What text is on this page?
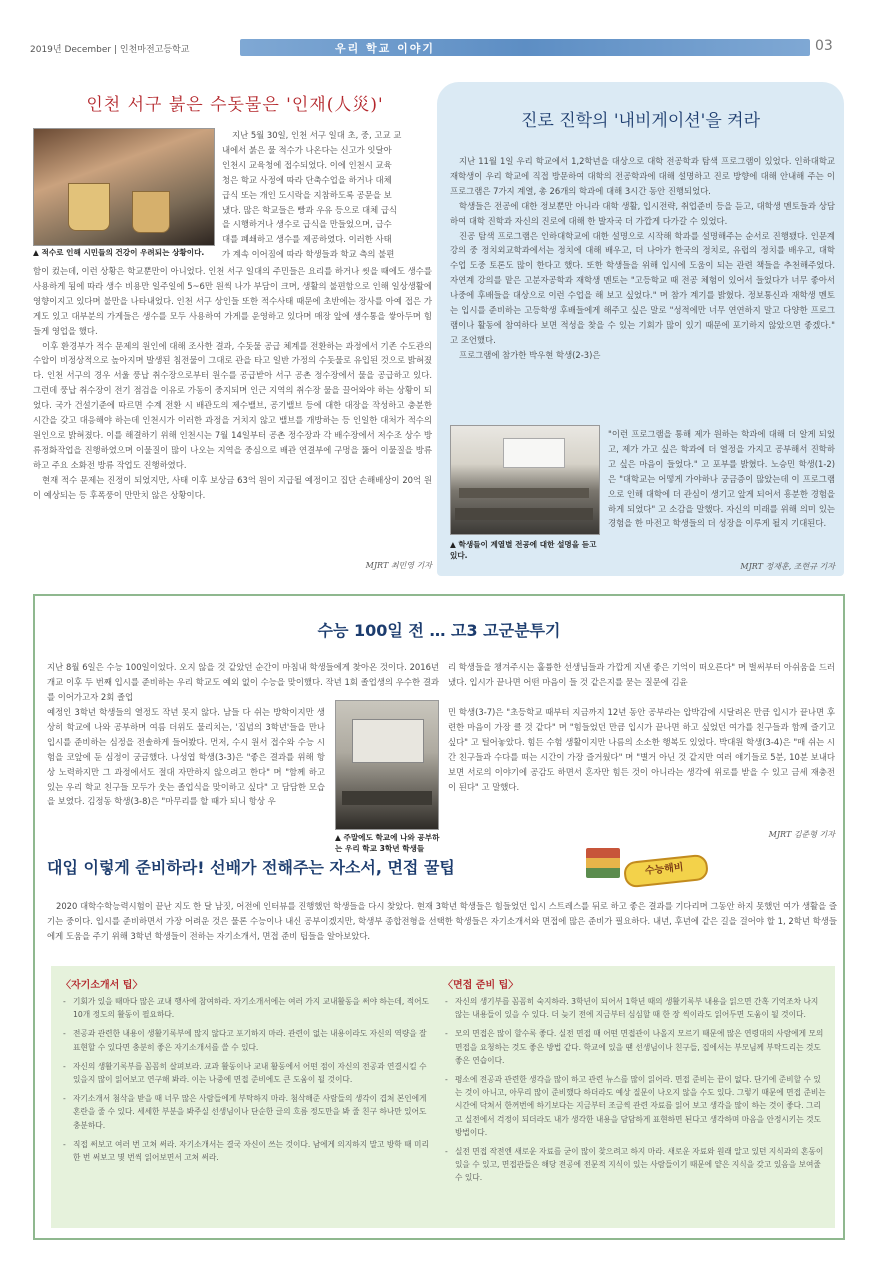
2019년 December | 인천마전고등학교	우리 학교 이야기	03
인천 서구 붉은 수돗물은 '인재(人災)'
▲ 적수로 인해 시민들의 건강이 우려되는 상황이다.
지난 5월 30일, 인천 서구 일대 초, 중, 고교 교
내에서 붉은 물 적수가 나온다는 신고가 잇달아
인천시 교육청에 접수되었다. 이에 인천시 교육
청은 학교 사정에 따라 단축수업을 하거나 대체
급식 또는 개인 도시락을 지참하도록 공문을 보
냈다. 많은 학교들은 빵과 우유 등으로 대체 급식
을 시행하거나 생수로 급식을 만들었으며, 급수
대를 폐쇄하고 생수를 제공하였다. 이러한 사태
가 계속 이어짐에 따라 학생들과 학교 측의 불편
함이 컸는데, 이런 상황은 학교뿐만이 아니었다. 인천 서구 일대의 주민들은 요리를 하거나 씻을 때에도 생수를 사용하게 됨에 따라 생수 비용만 일주일에 5~6만 원씩 나가 부담이 크며, 생활의 불편함으로 인해 일상생활에 영향이지고 있다며 불만을 나타내었다. 인천 서구 상인들 또한 적수사태 때문에 초반에는 장사를 아예 접은 가게도 있고 대부분의 가게들은 생수를 모두 사용하여 가게를 운영하고 있다며 매장 앞에 생수통을 쌓아두며 힘들게 영업을 했다.

이후 환경부가 적수 문제의 원인에 대해 조사한 결과, 수돗물 공급 체계를 전환하는 과정에서 기존 수도관의 수압이 비정상적으로 높아지며 발생된 침전물이 그대로 관을 타고 일반 가정의 수돗물로 유입된 것으로 밝혀졌다. 인천 서구의 경우 서울 풍납 취수장으로부터 원수를 공급받아 서구 공촌 정수장에서 물을 공급하고 있다. 그런데 풍납 취수장이 전기 점검을 이유로 가동이 중지되며 인근 지역의 취수장 물을 끌어와야 하는 상황이 되었다. 국가 건설기준에 따르면 수계 전환 시 배관도의 제수밸브, 공기밸브 등에 대한 대장을 작성하고 충분한 시간을 갖고 대응해야 하는데 인천시가 이러한 과정을 거치지 않고 밸브를 개방하는 등 인일한 대처가 적수의 원인으로 밝혀졌다. 이를 해결하기 위해 인천시는 7월 14일부터 공촌 정수장과 각 배수장에서 저수조 상수 방류정화작업을 진행하였으며 이물질이 많이 나오는 지역을 중심으로 배관 연결부에 구멍을 뚫어 이물질을 방류하고 주요 소화전 방류 작업도 진행하였다.

현재 적수 문제는 진정이 되었지만, 사태 이후 보상금 63억 원이 지급될 예정이고 집단 손해배상이 20억 원이 예상되는 등 후폭풍이 만만치 않은 상황이다.

MJRT 최민영 기자
진로 진학의 '내비게이션'을 켜라

지난 11월 1일 우리 학교에서 1,2학년을 대상으로 대학 전공학과 탐색 프로그램이 있었다. 인하대학교 재학생이 우리 학교에 직접 방문하여 대학의 전공학과에 대해 설명하고 진로 방향에 대해 안내해 주는 이 프로그램은 7가지 계열, 총 26개의 학과에 대해 3시간 동안 진행되었다.

학생들은 전공에 대한 정보뿐만 아니라 대학 생활, 입시전략, 취업준비 등을 듣고, 대학생 멘토들과 상담하여 대학 진학과 자신의 진로에 대해 한 발자국 더 가깝게 다가갈 수 있었다.

진공 탐색 프로그램은 인하대학교에 대한 설명으로 시작해 학과를 설명해주는 순서로 진행됐다. 인문계 강의 중 정치외교학과에서는 정치에 대해 배우고, 더 나아가 한국의 정치로, 유럽의 정치를 배우고, 대학 수업 도중 토론도 많이 한다고 했다. 또한 학생들을 위해 입시에 도움이 되는 관련 책들을 추천해주었다. 자연계 강의를 맡은 고분자공학과 재학생 멘토는 "고등학교 때 전공 체험이 있어서 들었다가 너무 좋아서 나중에 후배들을 대상으로 이런 수업을 해 보고 싶었다." 며 참가 계기를 밝혔다. 정보통신과 재학생 멘토는 입시를 준비하는 고등학생 후배들에게 해주고 싶은 말로 "성적에만 너무 연연하지 말고 다양한 프로그램이나 활동에 참여하다 보면 적성을 찾을 수 있는 기회가 많이 있기 때문에 포기하지 않았으면 좋겠다." 고 조언했다.

프로그램에 참가한 박우현 학생(2-3)은

▲ 학생들이 계열별 전공에 대한 설명을 듣고 있다.
"이런 프로그램을 통해 제가 원하는 학과에 대해 더 알게 되었고, 제가 가고 싶은 학과에 더 열정을 가지고 공부해서 진학하고 싶은 마음이 들었다." 고 포부를 밝혔다. 노승민 학생(1-2)은 "대학교는 어떻게 가야하나 궁금증이 많았는데 이 프로그램으로 인해 대학에 더 관심이 생기고 앞게 되어서 흥분한 경험을 하게 되었다" 고 소감을 말했다. 자신의 미래를 위해 의미 있는 경험을 한 마전고 학생들의 더 성장을 이루게 될지 기대된다.
MJRT 정재훈, 조현규 기자
수능 100일 전 … 고3 고군분투기
지난 8월 6일은 수능 100일이었다. 오지 않을 것 같았던 순간이 마침내 학생들에게 찾아온 것이다. 2016년 개교 이후 두 번째 입시를 준비하는 우리 학교도 예외 없이 수능을 맞이했다. 작년 1회 졸업생의 우수한 결과를 이어가고자 2회 졸업
예정인 3학년 학생들의 열정도 작년 못지 않다. 남들 다 쉬는 방학이지만 생상히 학교에 나와 공부하며 여름 더위도 물리치는, '집념의 3학년'들을 만나 입시를 준비하는 심정을 전솔하게 들어봤다. 먼저, 수시 원서 접수와 수능 시험을 코앞에 둔 심정이 궁금했다. 나성엽 학생(3-3)은 "좋은 결과를 위해 항상 노력하지만 그 과정에서도 절대 자만하지 않으려고 한다" 며 "함께 하고 있는 우리 학교 친구들 모두가 웃는 졸업식을 맞이하고 싶다" 고 담담한 모습을 보였다. 김정동 학생(3-8)은 "마무리를 할 때가 되니 항상 우
▲ 주말에도 학교에 나와 공부하는 우리 학교 3학년 학생들
리 학생들을 챙겨주시는 훌륭한 선생님들과 가깝게 지낸 좋은 기억이 떠오른다" 며 벌써부터 아쉬움을 드러냈다. 입시가 끝나면 어떤 마음이 들 것 같은지를 묻는 질문에 김윤
민 학생(3-7)은 "초등학교 때부터 지금까지 12년 동안 공부라는 압박감에 시달려온 만큼 입시가 끝나면 후련한 마음이 가장 클 것 같다" 며 "힘들었던 만큼 입시가 끝나면 하고 싶었던 여가를 친구들과 함께 즐기고 싶다" 고 털어놓았다. 힘든 수험 생활이지만 나름의 소소한 행복도 있었다. 박대원 학생(3-4)은 "매 쉬는 시간 친구들과 수다를 떠는 시간이 가장 즐거웠다" 며 "별거 아닌 것 같지만 여러 얘기들로 5분, 10분 보내다 보면 서로의 이야기에 공감도 하면서 혼자만 힘든 것이 아니라는 생각에 위로를 받을 수 있고 금세 재충전이 된다" 고 말했다.
MJRT 김준형 기자
대입 이렇게 준비하라! 선배가 전해주는 자소서, 면접 꿀팁	수능해비
2020 대학수학능력시험이 끝난 지도 한 달 남짓, 어전에 인터뷰를 진행했던 학생들을 다시 찾았다. 현재 3학년 학생들은 힘들었던 입시 스트레스를 뒤로 하고 좋은 결과를 기다리며 그동안 하지 못했던 여가 생활을 즐기는 중이다. 입시를 준비하면서 가장 어려운 것은 물론 수능이나 내신 공부이겠지만, 학생부 종합전형을 선택한 학생들은 자기소개서와 면접에 많은 준비가 필요하다. 내년, 후년에 같은 길을 걸어야 할 1, 2학년 학생들에게 도움을 주기 위해 3학년 학생들이 전하는 자기소개서, 면접 준비 팁들을 알아보았다.
〈자기소개서 팁〉
- 기회가 있을 때마다 많은 교내 행사에 참여하라. 자기소개서에는 여러 가지 교내활동을 써야 하는데, 적어도 10개 정도의 활동이 필요하다.
- 전공과 관련한 내용이 생활기록부에 많지 않다고 포기하지 마라. 관련이 없는 내용이라도 자신의 역량을 잘 표현할 수 있다면 충분히 좋은 자기소개서를 쓸 수 있다.
- 자신의 생활기록부를 꼼꼼히 살펴보라. 교과 활동이나 교내 활동에서 어떤 점이 자신의 전공과 연결시킬 수 있을지 많이 읽어보고 연구해 봐라. 이는 나중에 면접 준비에도 큰 도움이 될 것이다.
- 자기소개서 첨삭을 받을 때 너무 많은 사람들에게 부탁하지 마라. 첨삭해준 사람들의 생각이 겹쳐 본인에게 혼란을 줄 수 있다. 세세한 부분을 봐주실 선생님이나 단순한 글의 흐름 정도만을 봐 줄 친구 하나만 있어도 충분하다.
- 직접 써보고 여러 번 고쳐 써라. 자기소개서는 결국 자신이 쓰는 것이다. 남에게 의지하지 말고 방학 때 미리 한 번 써보고 몇 번씩 읽어보면서 고쳐 써라.
〈면접 준비 팁〉
- 자신의 생기부를 꼼꼼히 숙지하라. 3학년이 되어서 1학년 때의 생활기록부 내용을 읽으면 간혹 기억조차 나지 않는 내용들이 있을 수 있다. 더 늦기 전에 지금부터 심심할 때 한 장 씩이라도 읽어두면 도움이 될 것이다.
- 모의 면접은 많이 할수록 좋다. 실전 면접 때 어떤 면접관이 나올지 모르기 때문에 많은 연령대의 사람에게 모의면접을 요청하는 것도 좋은 방법 같다. 학교에 있을 땐 선생님이나 친구들, 집에서는 부모님께 부탁드리는 것도 좋은 연습이다.
- 평소에 전공과 관련한 생각을 많이 하고 관련 뉴스를 많이 읽어라. 면접 준비는 끝이 없다. 단기에 준비할 수 있는 것이 아니고, 아무리 많이 준비했다 하더라도 예상 질문이 나오지 않을 수도 있다. 그렇기 때문에 면접 준비는 시간에 닥쳐서 한꺼번에 하기보다는 지금부터 조금씩 관련 자료를 읽어 보고 생각을 많이 하는 것이 좋다. 그리고 실전에서 걱정이 되더라도 내가 생각한 내용을 담담하게 표현하면 된다고 생각하며 마음을 안정시키는 것도 방법이다.
- 실전 면접 작전엔 새로운 자료를 굳이 많이 찾으려고 하지 마라. 새로운 자료와 원래 알고 있던 지식과의 혼동이 있을 수 있고, 면접관들은 해당 전공에 전문적 지식이 있는 사람들이기 때문에 얕은 지식을 갖고 있음을 보여줄 수 있다.
